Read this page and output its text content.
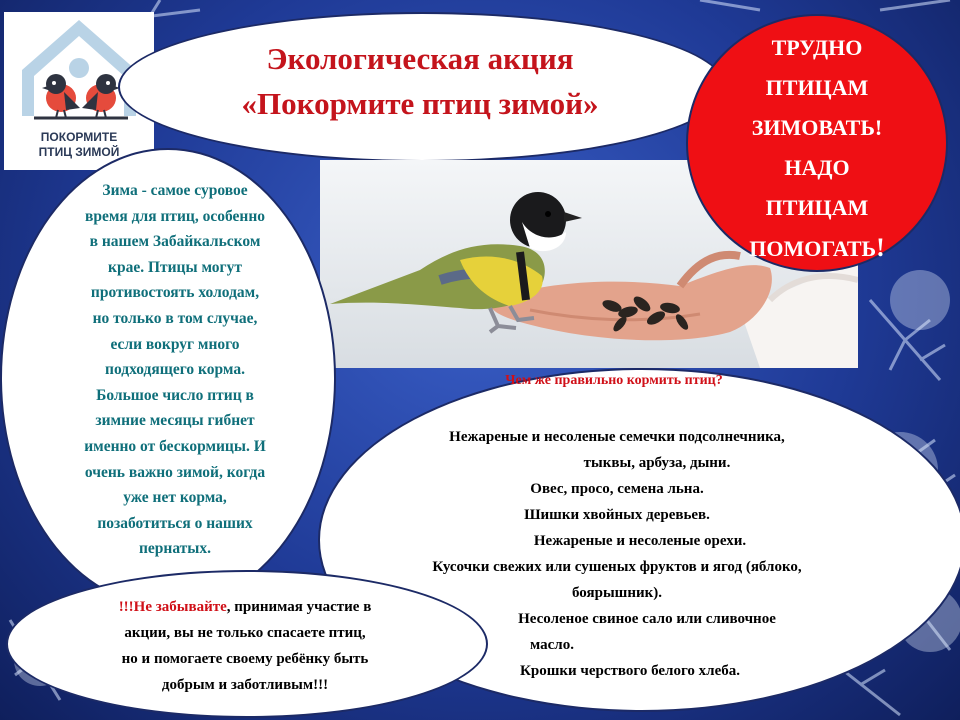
ПОКОРМИТЕ
ПТИЦ ЗИМОЙ
Экологическая акция
«Покормите птиц зимой»
Зима - самое суровое
время для птиц, особенно
в нашем Забайкальском
крае. Птицы могут
противостоять холодам,
но только в том случае,
если вокруг много
подходящего корма.
Большое число птиц в
зимние месяцы гибнет
именно от бескормицы. И
очень важно зимой, когда
уже нет корма,
позаботиться о наших
пернатых.
ТРУДНО
ПТИЦАМ
ЗИМОВАТЬ!
НАДО
ПТИЦАМ
ПОМОГАТЬ!
Чем же правильно кормить птиц?
Нежареные и несоленые семечки подсолнечника,
тыквы, арбуза, дыни.
Овес, просо, семена льна.
Шишки хвойных деревьев.
Нежареные и несоленые орехи.
Кусочки свежих или сушеных фруктов и ягод (яблоко,
боярышник).
Несоленое свиное сало или сливочное
масло.
Крошки черствого белого хлеба.
!!!Не забывайте, принимая участие в
акции, вы не только спасаете птиц,
но и помогаете своему ребёнку быть
добрым и заботливым!!!
